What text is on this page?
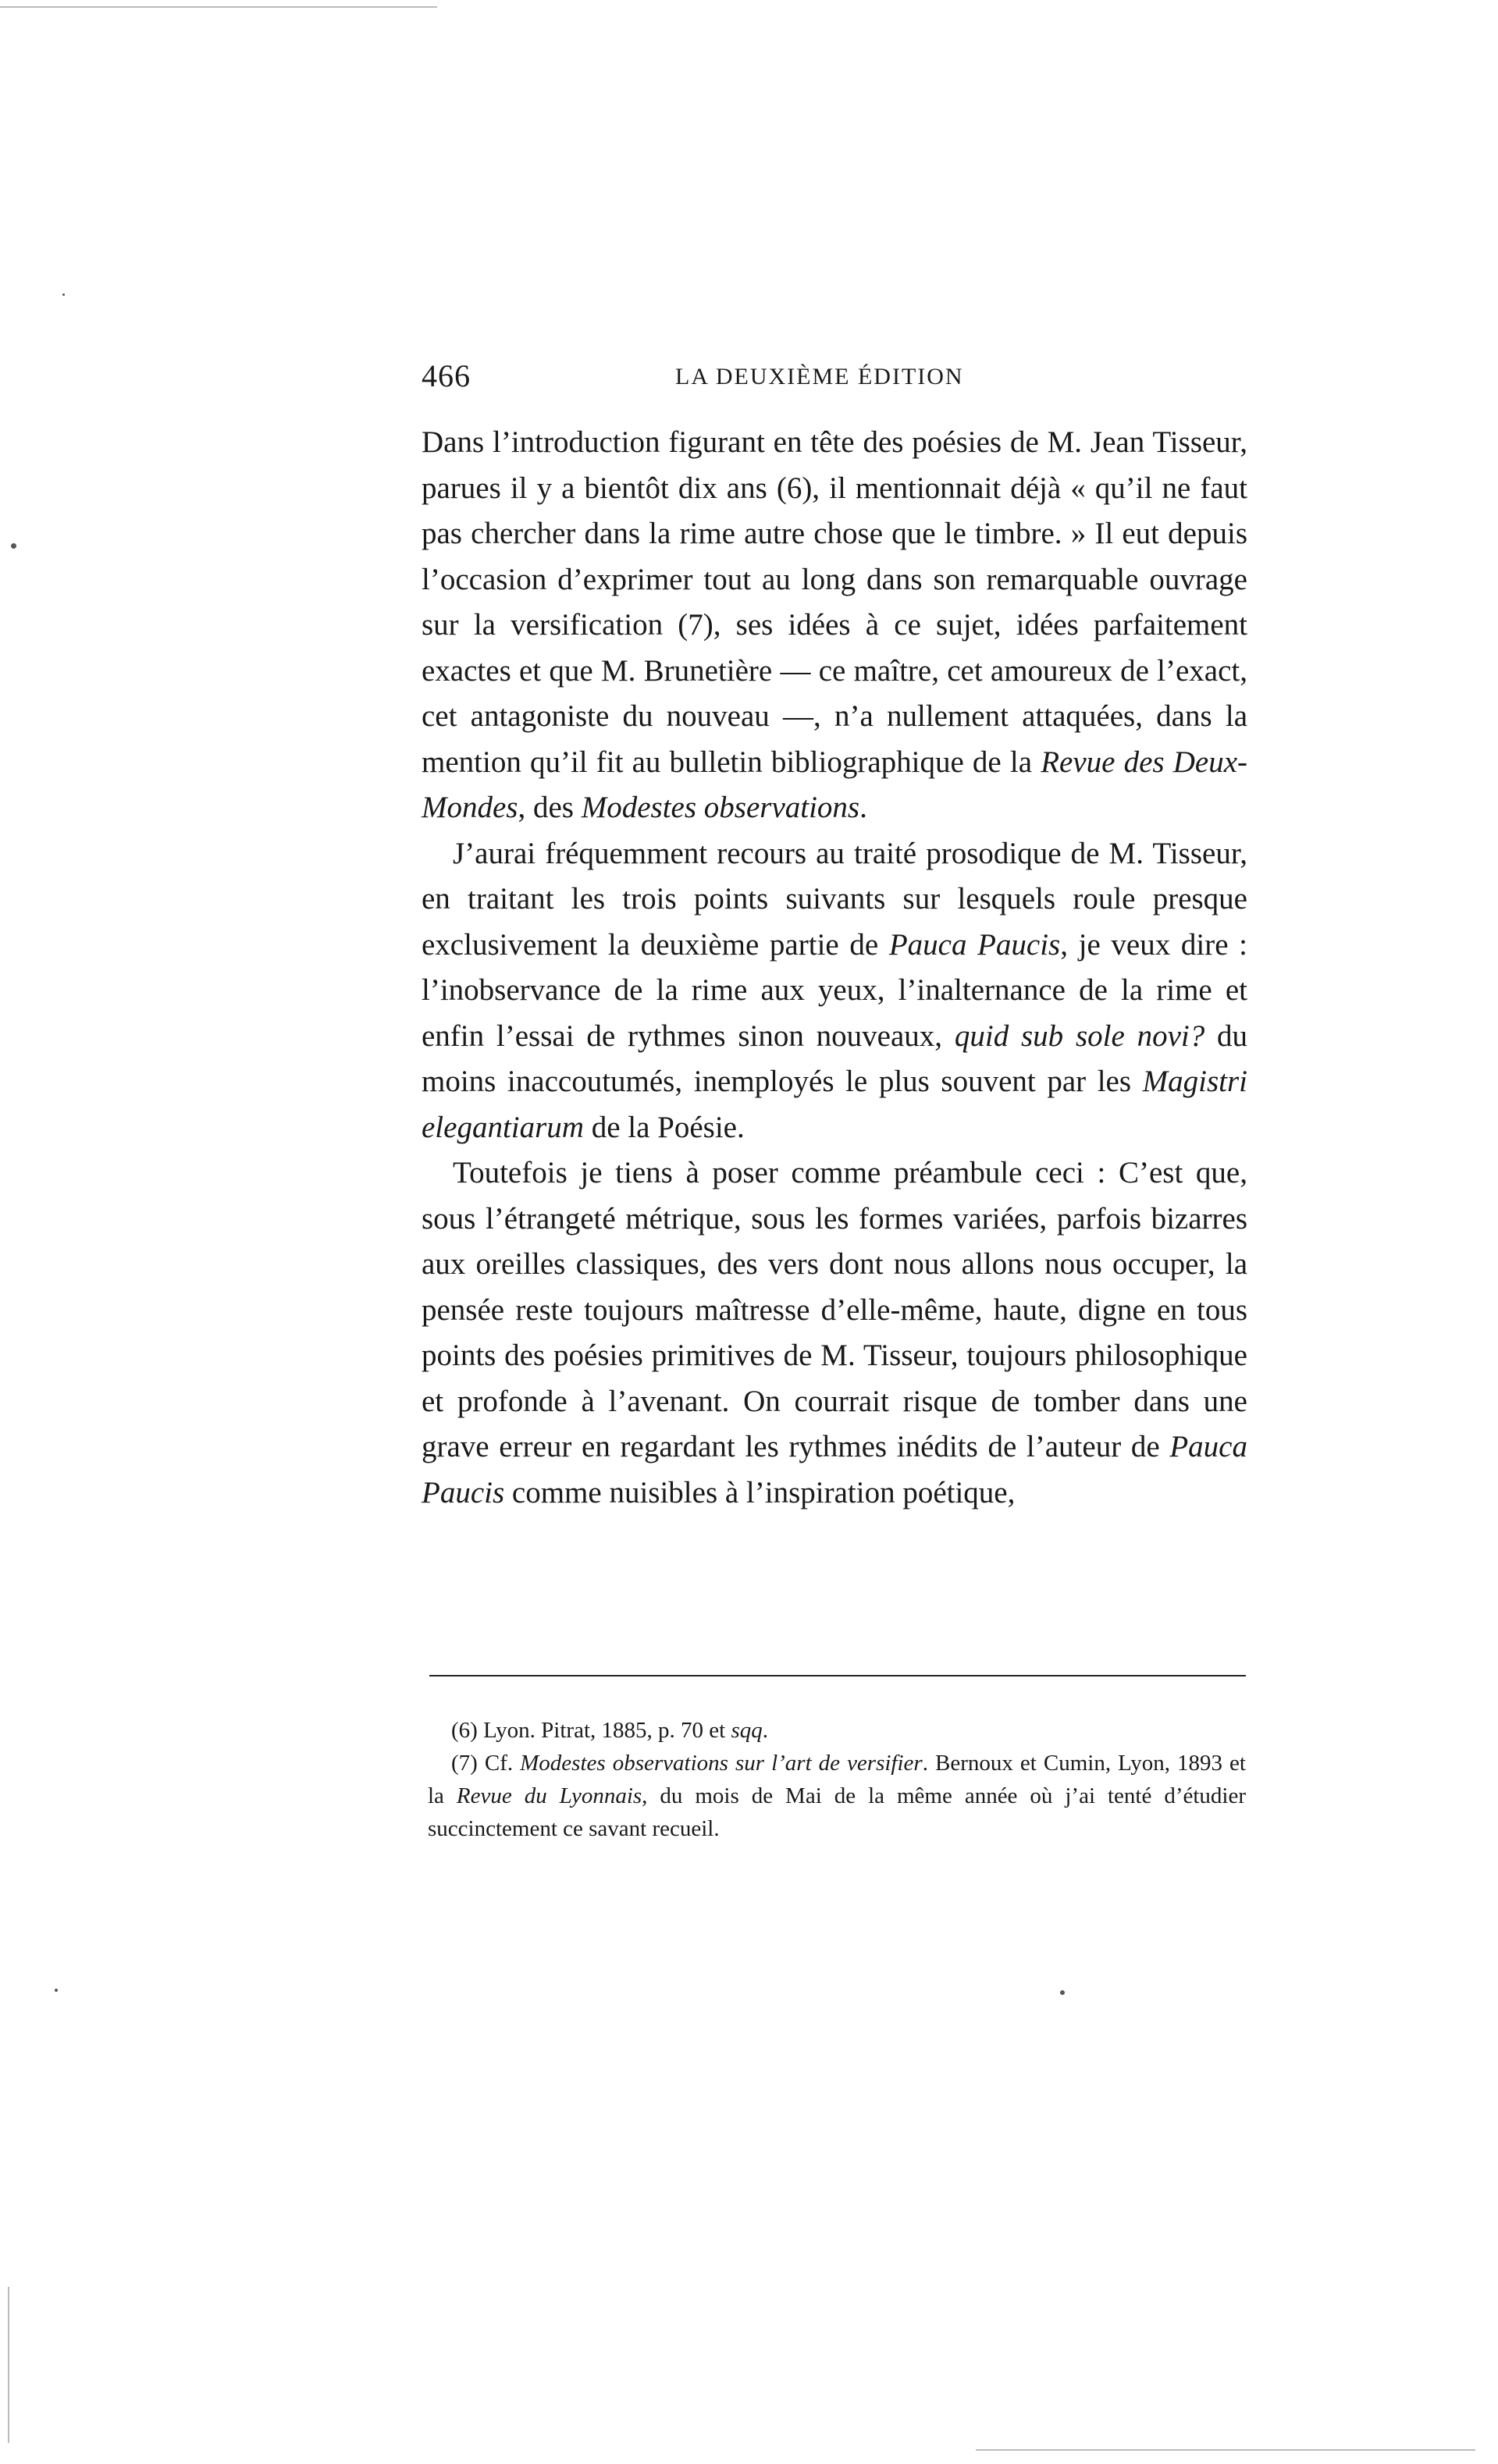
466	LA DEUXIÈME ÉDITION

Dans l’introduction figurant en tête des poésies de M. Jean Tisseur, parues il y a bientôt dix ans (6), il mentionnait déjà « qu’il ne faut pas chercher dans la rime autre chose que le timbre. » Il eut depuis l’occasion d’exprimer tout au long dans son remarquable ouvrage sur la versification (7), ses idées à ce sujet, idées parfaitement exactes et que M. Brunetière — ce maître, cet amoureux de l’exact, cet antagoniste du nouveau —, n’a nullement attaquées, dans la mention qu’il fit au bulletin bibliographique de la Revue des Deux-Mondes, des Modestes observations.

J’aurai fréquemment recours au traité prosodique de M. Tisseur, en traitant les trois points suivants sur lesquels roule presque exclusivement la deuxième partie de Pauca Paucis, je veux dire : l’inobservance de la rime aux yeux, l’inalternance de la rime et enfin l’essai de rythmes sinon nouveaux, quid sub sole novi? du moins inaccoutumés, inemployés le plus souvent par les Magistri elegantiarum de la Poésie.

Toutefois je tiens à poser comme préambule ceci : C’est que, sous l’étrangeté métrique, sous les formes variées, parfois bizarres aux oreilles classiques, des vers dont nous allons nous occuper, la pensée reste toujours maîtresse d’elle-même, haute, digne en tous points des poésies primitives de M. Tisseur, toujours philosophique et profonde à l’avenant. On courrait risque de tomber dans une grave erreur en regardant les rythmes inédits de l’auteur de Pauca Paucis comme nuisibles à l’inspiration poétique,

(6) Lyon. Pitrat, 1885, p. 70 et sqq.

(7) Cf. Modestes observations sur l’art de versifier. Bernoux et Cumin, Lyon, 1893 et la Revue du Lyonnais, du mois de Mai de la même année où j’ai tenté d’étudier succinctement ce savant recueil.
